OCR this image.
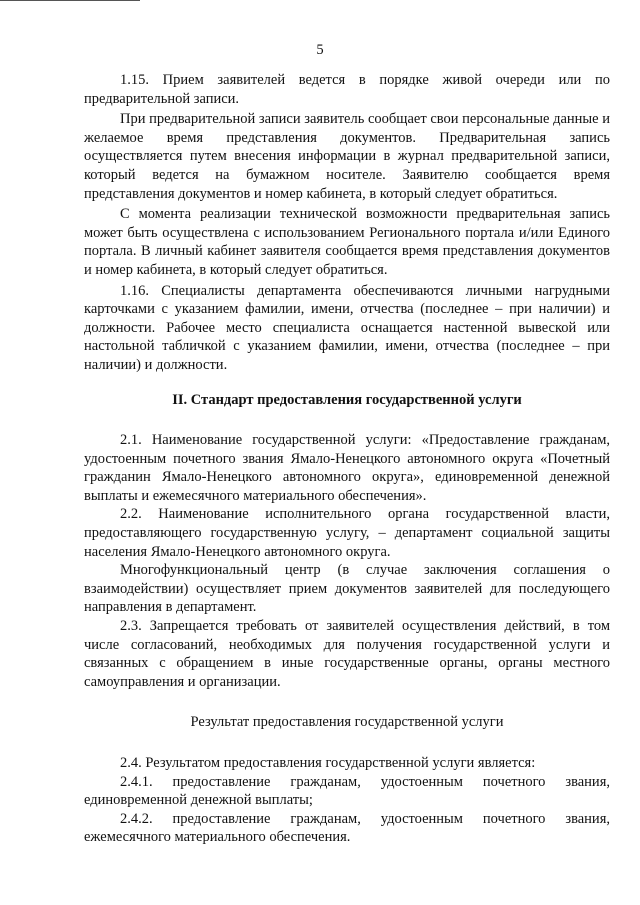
5

1.15. Прием заявителей ведется в порядке живой очереди или по предварительной записи.

При предварительной записи заявитель сообщает свои персональные данные и желаемое время представления документов. Предварительная запись осуществляется путем внесения информации в журнал предварительной записи, который ведется на бумажном носителе. Заявителю сообщается время представления документов и номер кабинета, в который следует обратиться.

С момента реализации технической возможности предварительная запись может быть осуществлена с использованием Регионального портала и/или Единого портала. В личный кабинет заявителя сообщается время представления документов и номер кабинета, в который следует обратиться.

1.16. Специалисты департамента обеспечиваются личными нагрудными карточками с указанием фамилии, имени, отчества (последнее – при наличии) и должности. Рабочее место специалиста оснащается настенной вывеской или настольной табличкой с указанием фамилии, имени, отчества (последнее – при наличии) и должности.

II. Стандарт предоставления государственной услуги

2.1. Наименование государственной услуги: «Предоставление гражданам, удостоенным почетного звания Ямало-Ненецкого автономного округа «Почетный гражданин Ямало-Ненецкого автономного округа», единовременной денежной выплаты и ежемесячного материального обеспечения».

2.2. Наименование исполнительного органа государственной власти, предоставляющего государственную услугу, – департамент социальной защиты населения Ямало-Ненецкого автономного округа.

Многофункциональный центр (в случае заключения соглашения о взаимодействии) осуществляет прием документов заявителей для последующего направления в департамент.

2.3. Запрещается требовать от заявителей осуществления действий, в том числе согласований, необходимых для получения государственной услуги и связанных с обращением в иные государственные органы, органы местного самоуправления и организации.

Результат предоставления государственной услуги

2.4. Результатом предоставления государственной услуги является:

2.4.1. предоставление гражданам, удостоенным почетного звания, единовременной денежной выплаты;

2.4.2. предоставление гражданам, удостоенным почетного звания, ежемесячного материального обеспечения.
